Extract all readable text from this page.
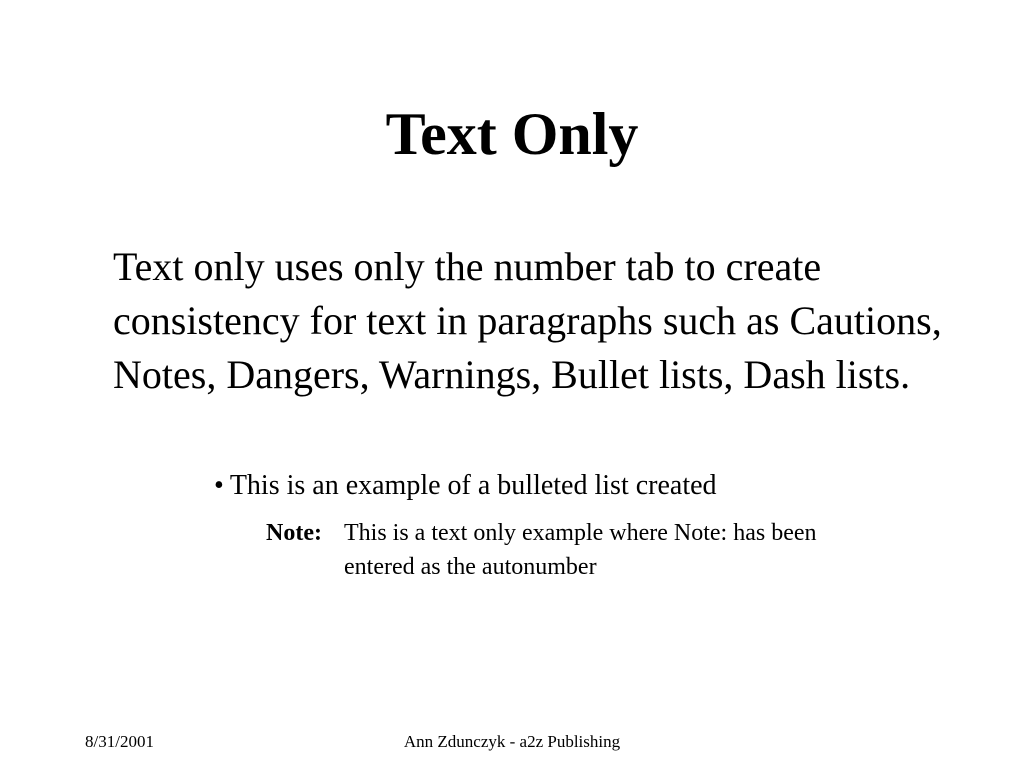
Text Only

Text only uses only the number tab to create consistency for text in paragraphs such as Cautions, Notes, Dangers, Warnings, Bullet lists, Dash lists.

• This is an example of a bulleted list created
Note: This is a text only example where Note: has been
entered as the autonumber
8/31/2001	Ann Zdunczyk - a2z Publishing
